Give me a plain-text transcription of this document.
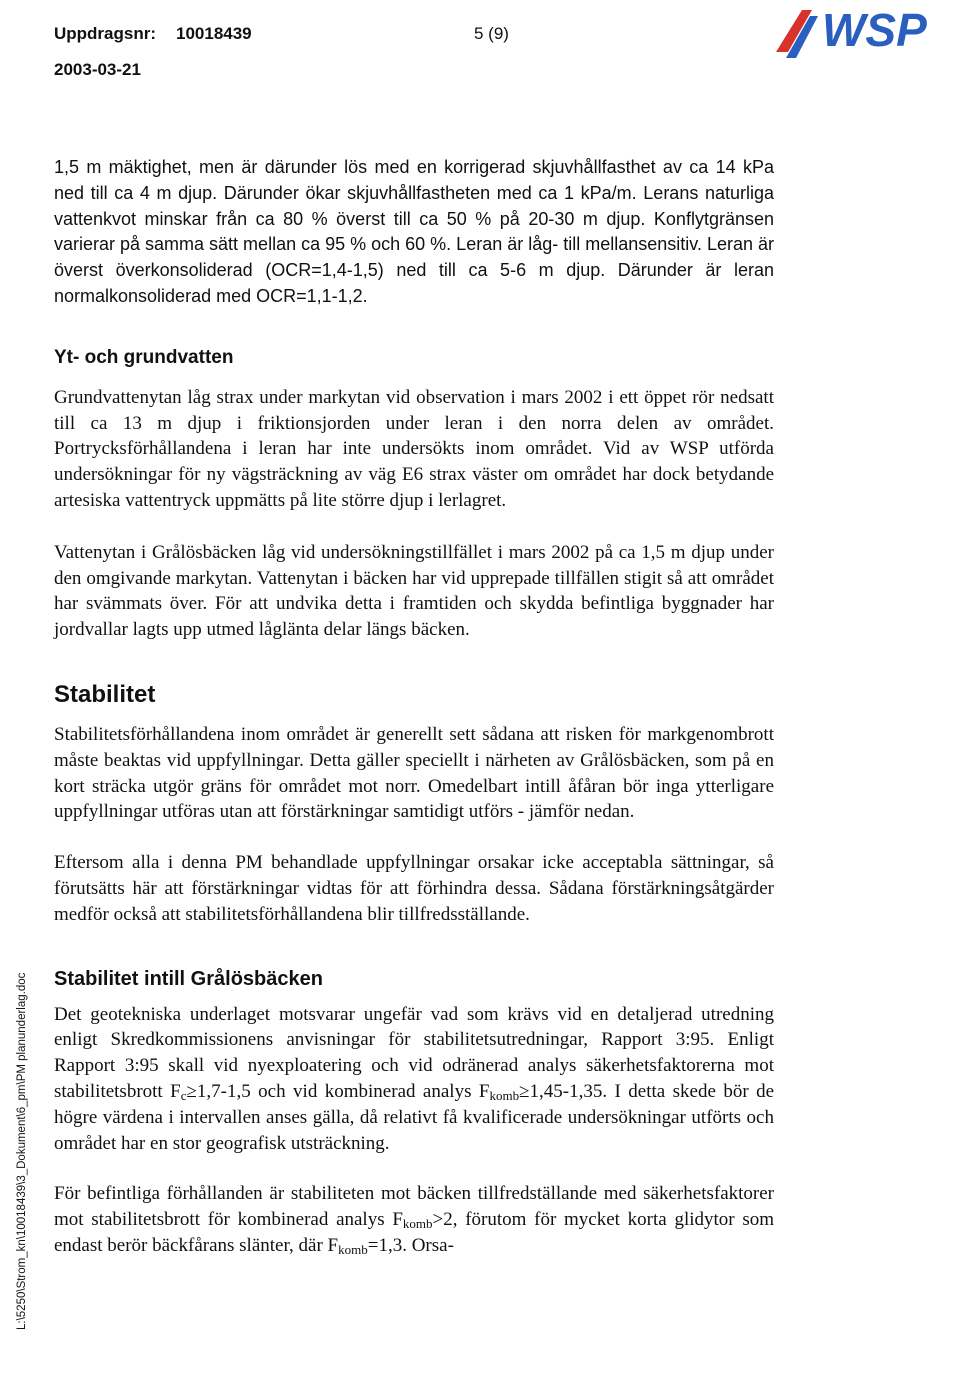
Uppdragsnr:	10018439	5 (9)
2003-03-21
WSP
L:\5250\Strom_kn\10018439\3_Dokument\6_pm\PM planunderlag.doc

1,5 m mäktighet, men är därunder lös med en korrigerad skjuvhållfasthet av ca 14 kPa ned till ca 4 m djup. Därunder ökar skjuvhållfastheten med ca 1 kPa/m. Lerans naturliga vattenkvot minskar från ca 80 % överst till ca 50 % på 20-30 m djup. Konflytgränsen varierar på samma sätt mellan ca 95 % och 60 %. Leran är låg- till mellansensitiv. Leran är överst överkonsoliderad (OCR=1,4-1,5) ned till ca 5-6 m djup. Därunder är leran normalkonsoliderad med OCR=1,1-1,2.

Yt- och grundvatten

Grundvattenytan låg strax under markytan vid observation i mars 2002 i ett öppet rör nedsatt till ca 13 m djup i friktionsjorden under leran i den norra delen av området. Portrycksförhållandena i leran har inte undersökts inom området. Vid av WSP utförda undersökningar för ny vägsträckning av väg E6 strax väster om området har dock betydande artesiska vattentryck uppmätts på lite större djup i lerlagret.

Vattenytan i Grålösbäcken låg vid undersökningstillfället i mars 2002 på ca 1,5 m djup under den omgivande markytan. Vattenytan i bäcken har vid upprepade tillfällen stigit så att området har svämmats över. För att undvika detta i framtiden och skydda befintliga byggnader har jordvallar lagts upp utmed låglänta delar längs bäcken.

Stabilitet

Stabilitetsförhållandena inom området är generellt sett sådana att risken för markgenombrott måste beaktas vid uppfyllningar. Detta gäller speciellt i närheten av Grålösbäcken, som på en kort sträcka utgör gräns för området mot norr. Omedelbart intill åfåran bör inga ytterligare uppfyllningar utföras utan att förstärkningar samtidigt utförs - jämför nedan.

Eftersom alla i denna PM behandlade uppfyllningar orsakar icke acceptabla sättningar, så förutsätts här att förstärkningar vidtas för att förhindra dessa. Sådana förstärkningsåtgärder medför också att stabilitetsförhållandena blir tillfredsställande.

Stabilitet intill Grålösbäcken

Det geotekniska underlaget motsvarar ungefär vad som krävs vid en detaljerad utredning enligt Skredkommissionens anvisningar för stabilitetsutredningar, Rapport 3:95. Enligt Rapport 3:95 skall vid nyexploatering och vid odränerad analys säkerhetsfaktorerna mot stabilitetsbrott $F_c\ge 1,7-1,5$ och vid kombinerad analys $F_{komb}\ge 1,45-1,35$. I detta skede bör de högre värdena i intervallen anses gälla, då relativt få kvalificerade undersökningar utförts och området har en stor geografisk utsträckning.

För befintliga förhållanden är stabiliteten mot bäcken tillfredställande med säkerhetsfaktorer mot stabilitetsbrott för kombinerad analys $F_{komb}>2$, förutom för mycket korta glidytor som endast berör bäckfårans slänter, där $F_{komb}=1,3$. Orsa-
